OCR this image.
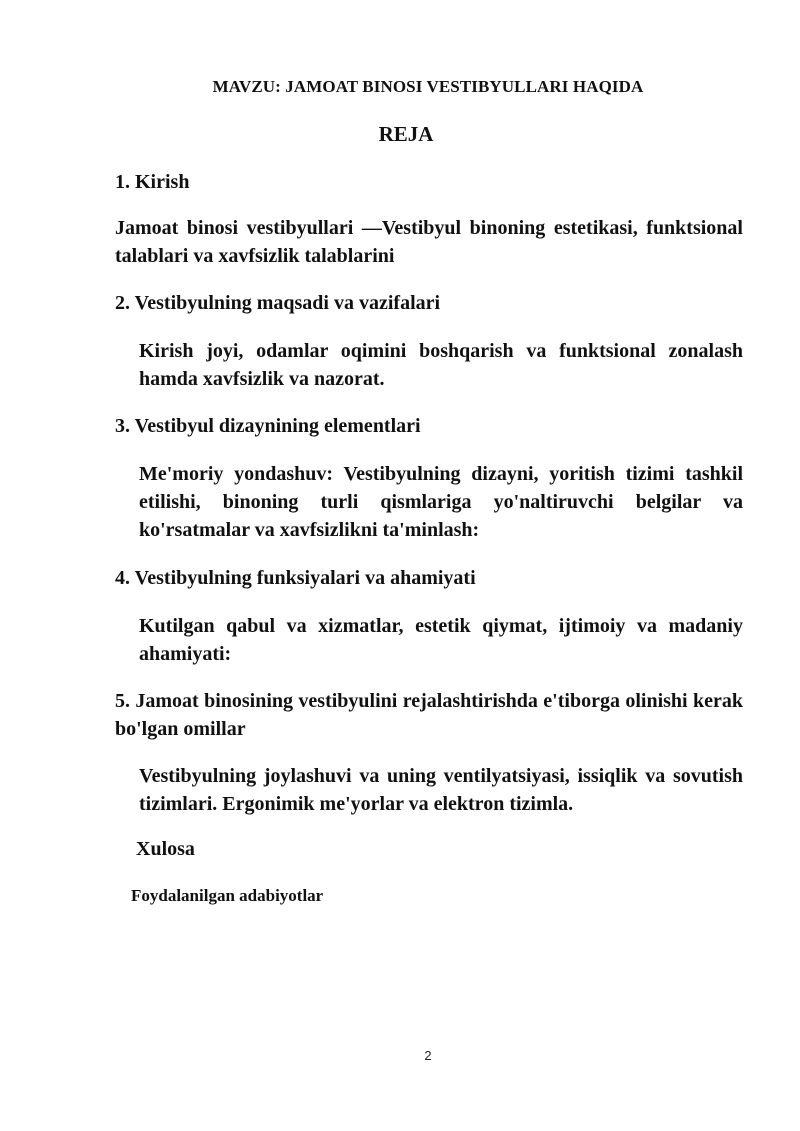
MAVZU: JAMOAT BINOSI VESTIBYULLARI HAQIDA
REJA

1. Kirish

Jamoat binosi vestibyullari —Vestibyul binoning estetikasi, funktsional talablari va xavfsizlik talablarini

2. Vestibyulning maqsadi va vazifalari

Kirish joyi, odamlar oqimini boshqarish va funktsional zonalash hamda xavfsizlik va nazorat.

3. Vestibyul dizaynining elementlari

Me'moriy yondashuv: Vestibyulning dizayni, yoritish tizimi tashkil etilishi, binoning turli qismlariga yo'naltiruvchi belgilar va ko'rsatmalar va xavfsizlikni ta'minlash:

4. Vestibyulning funksiyalari va ahamiyati

Kutilgan qabul va xizmatlar, estetik qiymat, ijtimoiy va madaniy ahamiyati:

5. Jamoat binosining vestibyulini rejalashtirishda e'tiborga olinishi kerak bo'lgan omillar

Vestibyulning joylashuvi va uning ventilyatsiyasi, issiqlik va sovutish tizimlari. Ergonimik me'yorlar va elektron tizimla.

Xulosa
Foydalanilgan adabiyotlar
2
